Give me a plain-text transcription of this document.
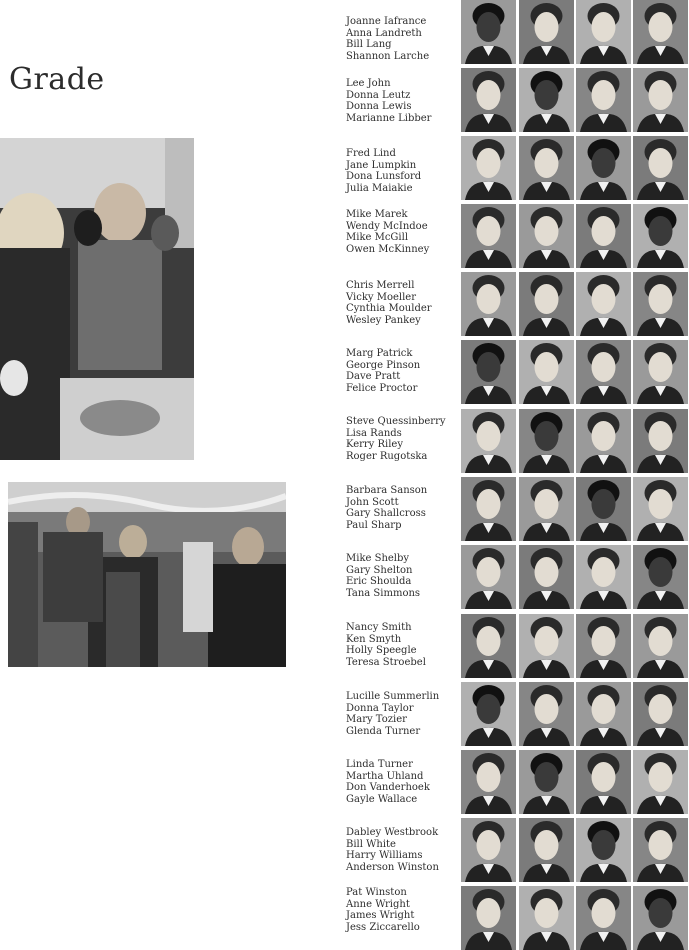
Grade
Joanne Iafrance
Anna Landreth
Bill Lang
Shannon Larche
Lee John
Donna Leutz
Donna Lewis
Marianne Libber
Fred Lind
Jane Lumpkin
Dona Lunsford
Julia Maiakie
Mike Marek
Wendy McIndoe
Mike McGill
Owen McKinney
Chris Merrell
Vicky Moeller
Cynthia Moulder
Wesley Pankey
Marg Patrick
George Pinson
Dave Pratt
Felice Proctor
Steve Quessinberry
Lisa Rands
Kerry Riley
Roger Rugotska
Barbara Sanson
John Scott
Gary Shallcross
Paul Sharp
Mike Shelby
Gary Shelton
Eric Shoulda
Tana Simmons
Nancy Smith
Ken Smyth
Holly Speegle
Teresa Stroebel
Lucille Summerlin
Donna Taylor
Mary Tozier
Glenda Turner
Linda Turner
Martha Uhland
Don Vanderhoek
Gayle Wallace
Dabley Westbrook
Bill White
Harry Williams
Anderson Winston
Pat Winston
Anne Wright
James Wright
Jess Ziccarello
